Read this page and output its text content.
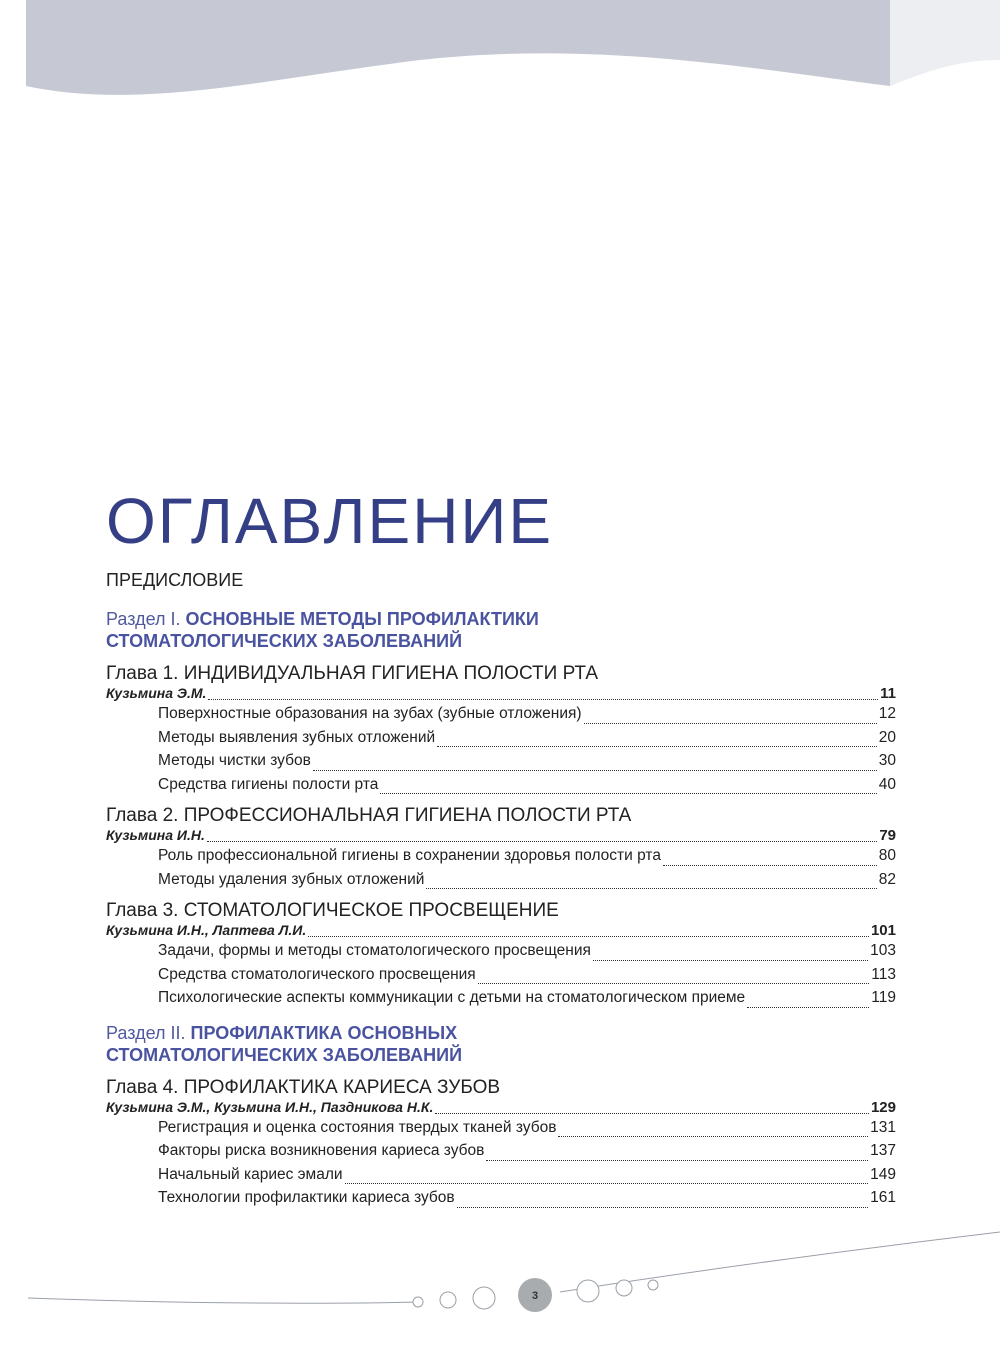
ОГЛАВЛЕНИЕ
ПРЕДИСЛОВИЕ
Раздел I. ОСНОВНЫЕ МЕТОДЫ ПРОФИЛАКТИКИ
СТОМАТОЛОГИЧЕСКИХ ЗАБОЛЕВАНИЙ
Глава 1. ИНДИВИДУАЛЬНАЯ ГИГИЕНА ПОЛОСТИ РТА
Кузьмина Э.М.	11
Поверхностные образования на зубах (зубные отложения)	12
Методы выявления зубных отложений	20
Методы чистки зубов	30
Средства гигиены полости рта	40
Глава 2. ПРОФЕССИОНАЛЬНАЯ ГИГИЕНА ПОЛОСТИ РТА
Кузьмина И.Н.	79
Роль профессиональной гигиены в сохранении здоровья полости рта	80
Методы удаления зубных отложений	82
Глава 3. СТОМАТОЛОГИЧЕСКОЕ ПРОСВЕЩЕНИЕ
Кузьмина И.Н., Лаптева Л.И.	101
Задачи, формы и методы стоматологического просвещения	103
Средства стоматологического просвещения	113
Психологические аспекты коммуникации с детьми на стоматологическом приеме	119
Раздел II. ПРОФИЛАКТИКА ОСНОВНЫХ
СТОМАТОЛОГИЧЕСКИХ ЗАБОЛЕВАНИЙ
Глава 4. ПРОФИЛАКТИКА КАРИЕСА ЗУБОВ
Кузьмина Э.М., Кузьмина И.Н., Паздникова Н.К.	129
Регистрация и оценка состояния твердых тканей зубов	131
Факторы риска возникновения кариеса зубов	137
Начальный кариес эмали	149
Технологии профилактики кариеса зубов	161
3
